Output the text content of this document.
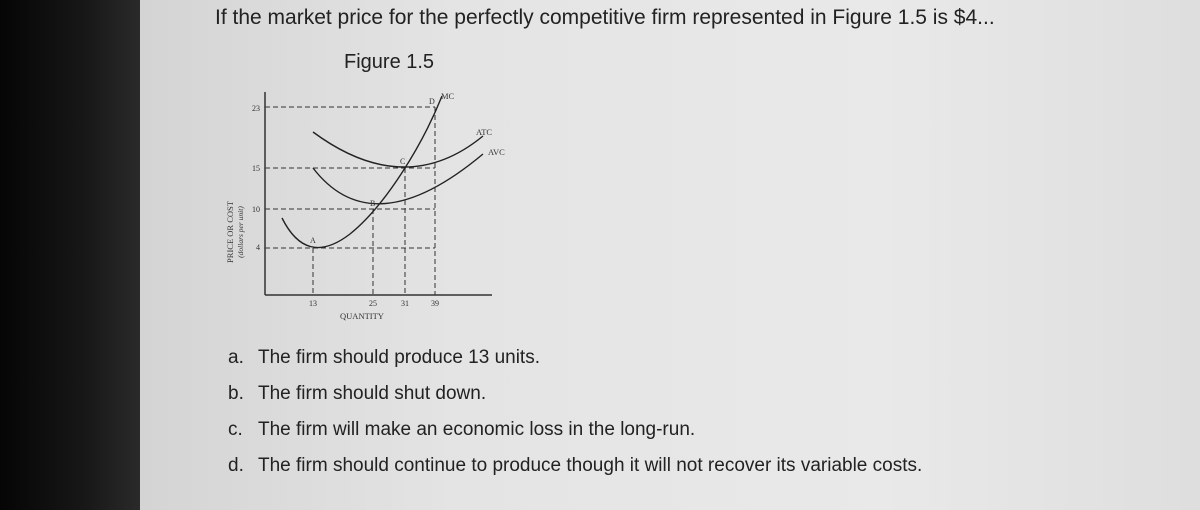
If the market price for the perfectly competitive firm represented in Figure 1.5 is $4...
Figure 1.5
PRICE OR COST (dollars per unit)
23
15
10
4
13	25	31	39
QUANTITY
MC
ATC
AVC
A
B
C
D
a. The firm should produce 13 units.
b. The firm should shut down.
c. The firm will make an economic loss in the long-run.
d. The firm should continue to produce though it will not recover its variable costs.
